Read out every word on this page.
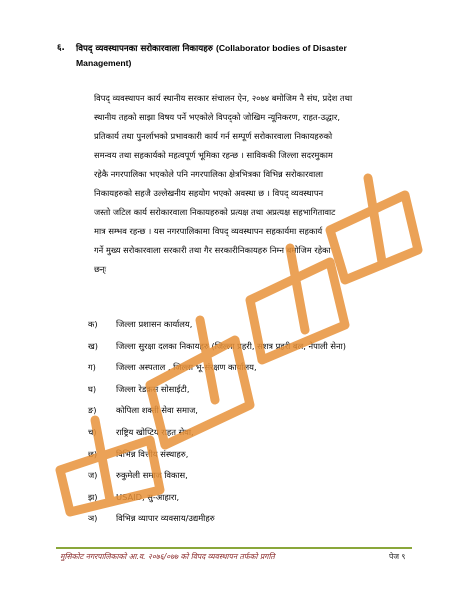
६. विपद् व्यवस्थापनका सरोकारवाला निकायहरु (Collaborator bodies of Disaster
Management)
विपद् व्यवस्थापन कार्य स्थानीय सरकार संचालन ऐन, २०७४ बमोजिम नै संघ, प्रदेश तथा
स्थानीय तहको साझा विषय पर्ने भएकोले विपद्को जोखिम न्यूनिकरण, राहत-उद्धार,
प्रतिकार्य तथा पुनर्लाभको प्रभावकारी कार्य गर्न सम्पूर्ण सरोकारवाला निकायहरुको
समन्वय तथा सहकार्यको महत्वपूर्ण भूमिका रहन्छ । साविककी जिल्ला सदरमुकाम
रहेकै नगरपालिका भएकोले पनि नगरपालिका क्षेत्रभित्रका विभिन्न सरोकारवाला
निकायहरुको सहजै उल्लेखनीय सहयोग भएको अवस्था छ । विपद् व्यवस्थापन
जस्तो जटिल कार्य सरोकारवाला निकायहरुको प्रत्यक्ष तथा अप्रत्यक्ष सहभागितावाट
मात्र सम्भव रहन्छ । यस नगरपालिकामा विपद् व्यवस्थापन सहकार्यमा सहकार्य
गर्ने मुख्य सरोकारवाला सरकारी तथा गैर सरकारीनिकायहरु निम्न बमोजिम रहेका
छन्ः
क) जिल्ला प्रशासन कार्यालय,
ख) जिल्ला सुरक्षा दलका निकायहरु (जिल्ला प्रहरी, सशत्र प्रहरी बल, नेपाली सेना)
ग) जिल्ला अस्पताल , जिल्ला भू-संरक्षण कार्यालय,
घ) जिल्ला रेडक्रस सोसाईटी,
ङ) कोपिला शक्ती सेवा समाज,
च) राष्ट्रिय खोप्टिय राहत सेवा,
छ) विभिन्न वित्तीय संस्थाहरु,
ज) रुकुमेली समाज विकास,
झ) USAID, सु-आहारा,
ञ) विभिन्न व्यापार व्यवसाय/उद्यमीहरु
मुसिकोट नगरपालिकाको आ.व. २०७६/०७७ को विपद व्यवस्थापन तर्फको प्रगति	पेज ९
